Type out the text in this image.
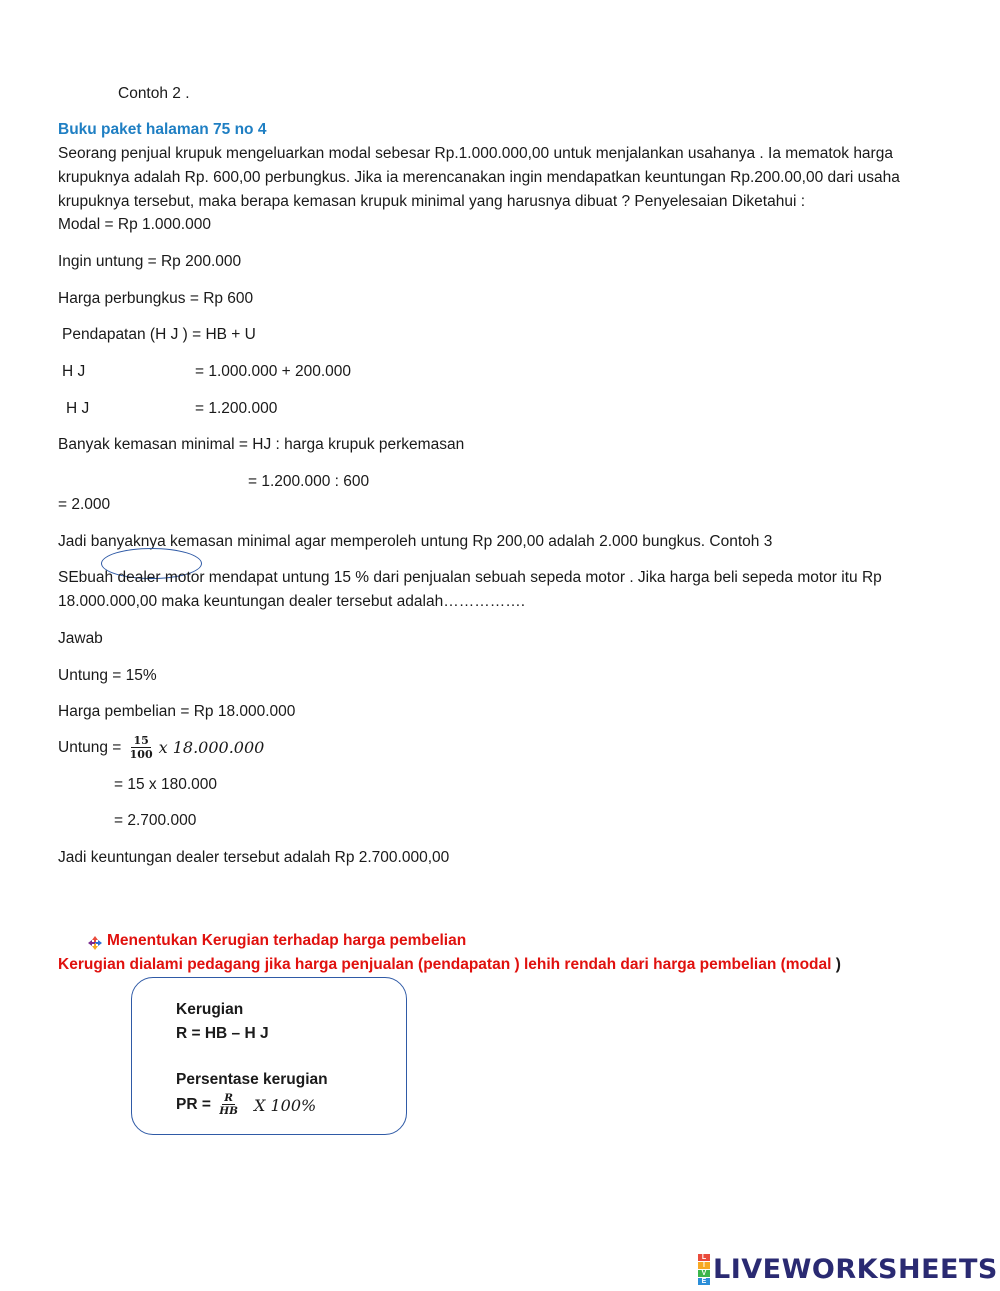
Contoh 2 .
Buku paket halaman 75 no 4
Seorang penjual krupuk mengeluarkan modal sebesar Rp.1.000.000,00 untuk menjalankan usahanya . Ia mematok harga krupuknya adalah Rp. 600,00 perbungkus. Jika ia merencanakan ingin mendapatkan keuntungan Rp.200.00,00 dari usaha krupuknya tersebut, maka berapa kemasan krupuk minimal yang harusnya dibuat ? Penyelesaian Diketahui :
Modal = Rp 1.000.000
Ingin untung = Rp 200.000
Harga perbungkus = Rp 600
Pendapatan (H J ) = HB + U
H J	= 1.000.000 + 200.000
H J	= 1.200.000
Banyak kemasan minimal = HJ : harga krupuk perkemasan
= 1.200.000 : 600
= 2.000
Jadi banyaknya kemasan minimal agar memperoleh untung Rp 200,00 adalah 2.000 bungkus. Contoh 3
SEbuah dealer motor mendapat untung 15 % dari penjualan sebuah sepeda motor . Jika harga beli sepeda motor itu Rp 18.000.000,00 maka keuntungan dealer tersebut adalah…………….
Jawab
Untung = 15%
Harga pembelian = Rp 18.000.000
Untung = $\frac{15}{100}$ x 18.000.000
= 15 x 180.000
= 2.700.000
Jadi keuntungan dealer tersebut adalah Rp 2.700.000,00
Menentukan Kerugian terhadap harga pembelian
Kerugian dialami pedagang jika harga penjualan (pendapatan ) lehih rendah dari harga pembelian (modal )
Kerugian
R = HB – H J
Persentase kerugian
PR = $\frac{R}{HB}$ X 100%
L
I
V
E LIVEWORKSHEETS
